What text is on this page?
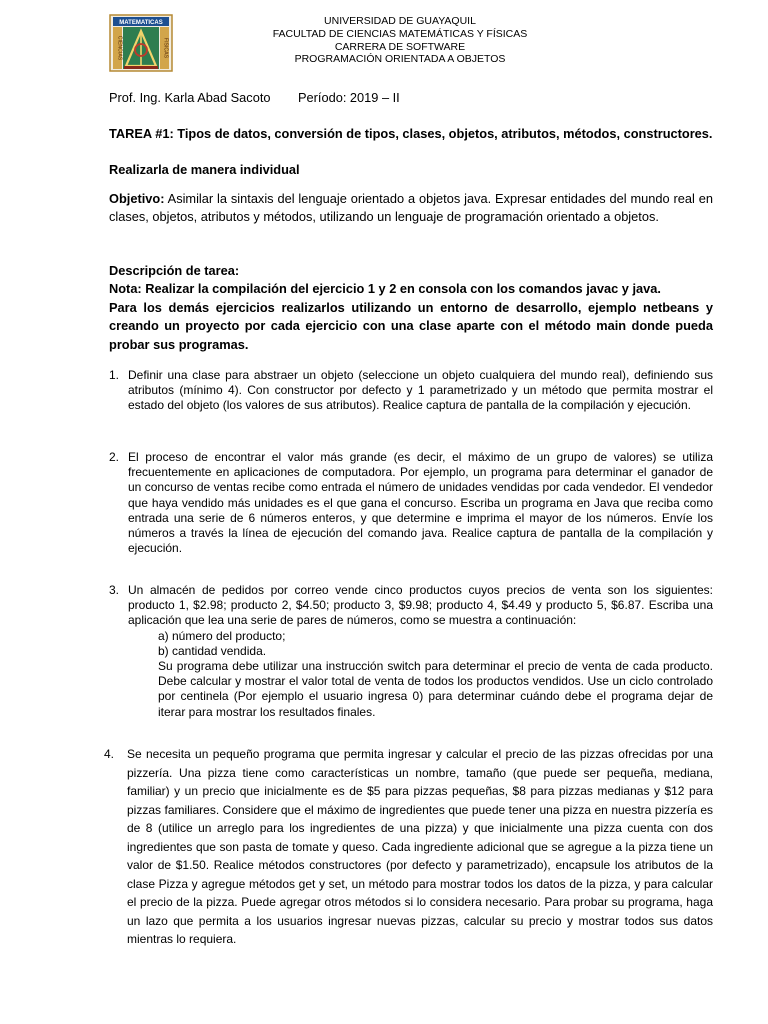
MATEMATICAS
CIENCIAS	FISICAS
UNIVERSIDAD DE GUAYAQUIL
FACULTAD DE CIENCIAS MATEMÁTICAS Y FÍSICAS
CARRERA DE SOFTWARE
PROGRAMACIÓN ORIENTADA A OBJETOS
Prof. Ing. Karla Abad Sacoto Período: 2019 – II
TAREA #1: Tipos de datos, conversión de tipos, clases, objetos, atributos, métodos, constructores.
Realizarla de manera individual
Objetivo: Asimilar la sintaxis del lenguaje orientado a objetos java. Expresar entidades del mundo real en clases, objetos, atributos y métodos, utilizando un lenguaje de programación orientado a objetos.
Descripción de tarea:
Nota: Realizar la compilación del ejercicio 1 y 2 en consola con los comandos javac y java.
Para los demás ejercicios realizarlos utilizando un entorno de desarrollo, ejemplo netbeans y creando un proyecto por cada ejercicio con una clase aparte con el método main donde pueda probar sus programas.
1. Definir una clase para abstraer un objeto (seleccione un objeto cualquiera del mundo real), definiendo sus atributos (mínimo 4). Con constructor por defecto y 1 parametrizado y un método que permita mostrar el estado del objeto (los valores de sus atributos). Realice captura de pantalla de la compilación y ejecución.
2. El proceso de encontrar el valor más grande (es decir, el máximo de un grupo de valores) se utiliza frecuentemente en aplicaciones de computadora. Por ejemplo, un programa para determinar el ganador de un concurso de ventas recibe como entrada el número de unidades vendidas por cada vendedor. El vendedor que haya vendido más unidades es el que gana el concurso. Escriba un programa en Java que reciba como entrada una serie de 6 números enteros, y que determine e imprima el mayor de los números. Envíe los números a través la línea de ejecución del comando java. Realice captura de pantalla de la compilación y ejecución.
3. Un almacén de pedidos por correo vende cinco productos cuyos precios de venta son los siguientes: producto 1, $2.98; producto 2, $4.50; producto 3, $9.98; producto 4, $4.49 y producto 5, $6.87. Escriba una aplicación que lea una serie de pares de números, como se muestra a continuación:
a) número del producto;
b) cantidad vendida.
Su programa debe utilizar una instrucción switch para determinar el precio de venta de cada producto. Debe calcular y mostrar el valor total de venta de todos los productos vendidos. Use un ciclo controlado por centinela (Por ejemplo el usuario ingresa 0) para determinar cuándo debe el programa dejar de iterar para mostrar los resultados finales.
4.	Se necesita un pequeño programa que permita ingresar y calcular el precio de las pizzas ofrecidas por una pizzería. Una pizza tiene como características un nombre, tamaño (que puede ser pequeña, mediana, familiar) y un precio que inicialmente es de $5 para pizzas pequeñas, $8 para pizzas medianas y $12 para pizzas familiares. Considere que el máximo de ingredientes que puede tener una pizza en nuestra pizzería es de 8 (utilice un arreglo para los ingredientes de una pizza) y que inicialmente una pizza cuenta con dos ingredientes que son pasta de tomate y queso. Cada ingrediente adicional que se agregue a la pizza tiene un valor de $1.50. Realice métodos constructores (por defecto y parametrizado), encapsule los atributos de la clase Pizza y agregue métodos get y set, un método para mostrar todos los datos de la pizza, y para calcular el precio de la pizza. Puede agregar otros métodos si lo considera necesario. Para probar su programa, haga un lazo que permita a los usuarios ingresar nuevas pizzas, calcular su precio y mostrar todos sus datos mientras lo requiera.
